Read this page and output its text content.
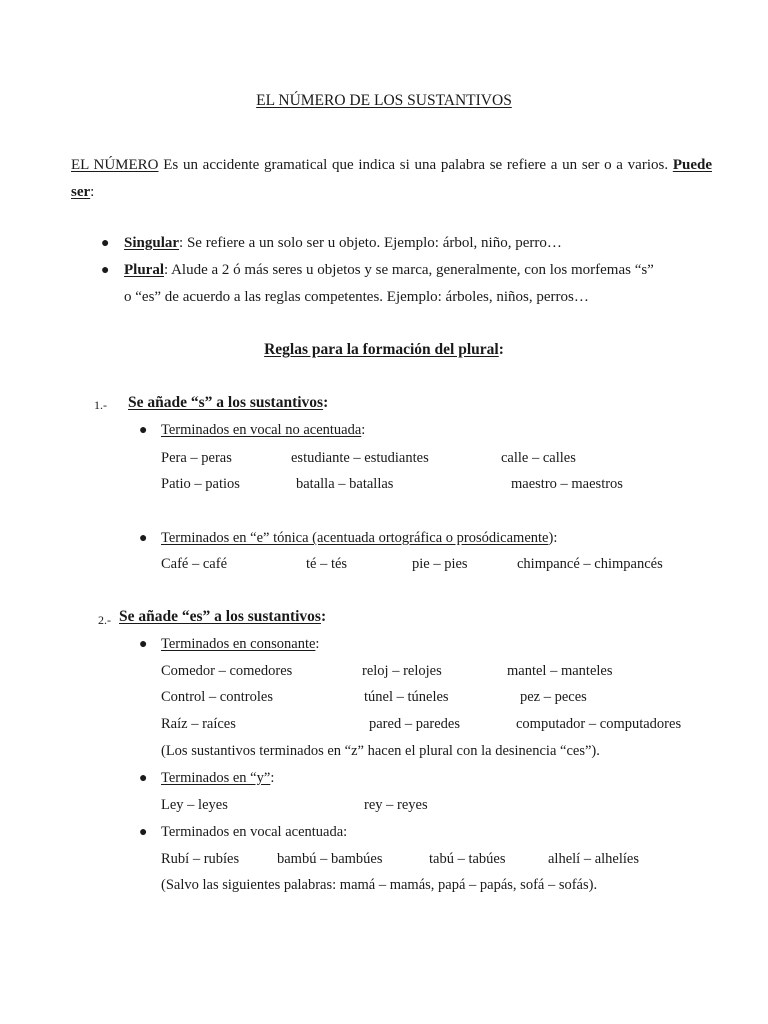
EL NÚMERO DE LOS SUSTANTIVOS
EL NÚMERO Es un accidente gramatical que indica si una palabra se refiere a un ser o a varios. Puede ser:
● Singular: Se refiere a un solo ser u objeto. Ejemplo: árbol, niño, perro…
● Plural: Alude a 2 ó más seres u objetos y se marca, generalmente, con los morfemas “s”
o “es” de acuerdo a las reglas competentes. Ejemplo: árboles, niños, perros…
Reglas para la formación del plural:
1.- Se añade “s” a los sustantivos:
● Terminados en vocal no acentuada:
Pera – peras	estudiante – estudiantes	calle – calles
Patio – patios	batalla – batallas	maestro – maestros
● Terminados en “e” tónica (acentuada ortográfica o prosódicamente):
Café – café	té – tés	pie – pies	chimpancé – chimpancés
2.- Se añade “es” a los sustantivos:
● Terminados en consonante:
Comedor – comedores	reloj – relojes	mantel – manteles
Control – controles	túnel – túneles	pez – peces
Raíz – raíces	pared – paredes	computador – computadores
(Los sustantivos terminados en “z” hacen el plural con la desinencia “ces”).
● Terminados en “y”:
Ley – leyes	rey – reyes
● Terminados en vocal acentuada:
Rubí – rubíes	bambú – bambúes	tabú – tabúes	alhelí – alhelíes
(Salvo las siguientes palabras: mamá – mamás, papá – papás, sofá – sofás).
